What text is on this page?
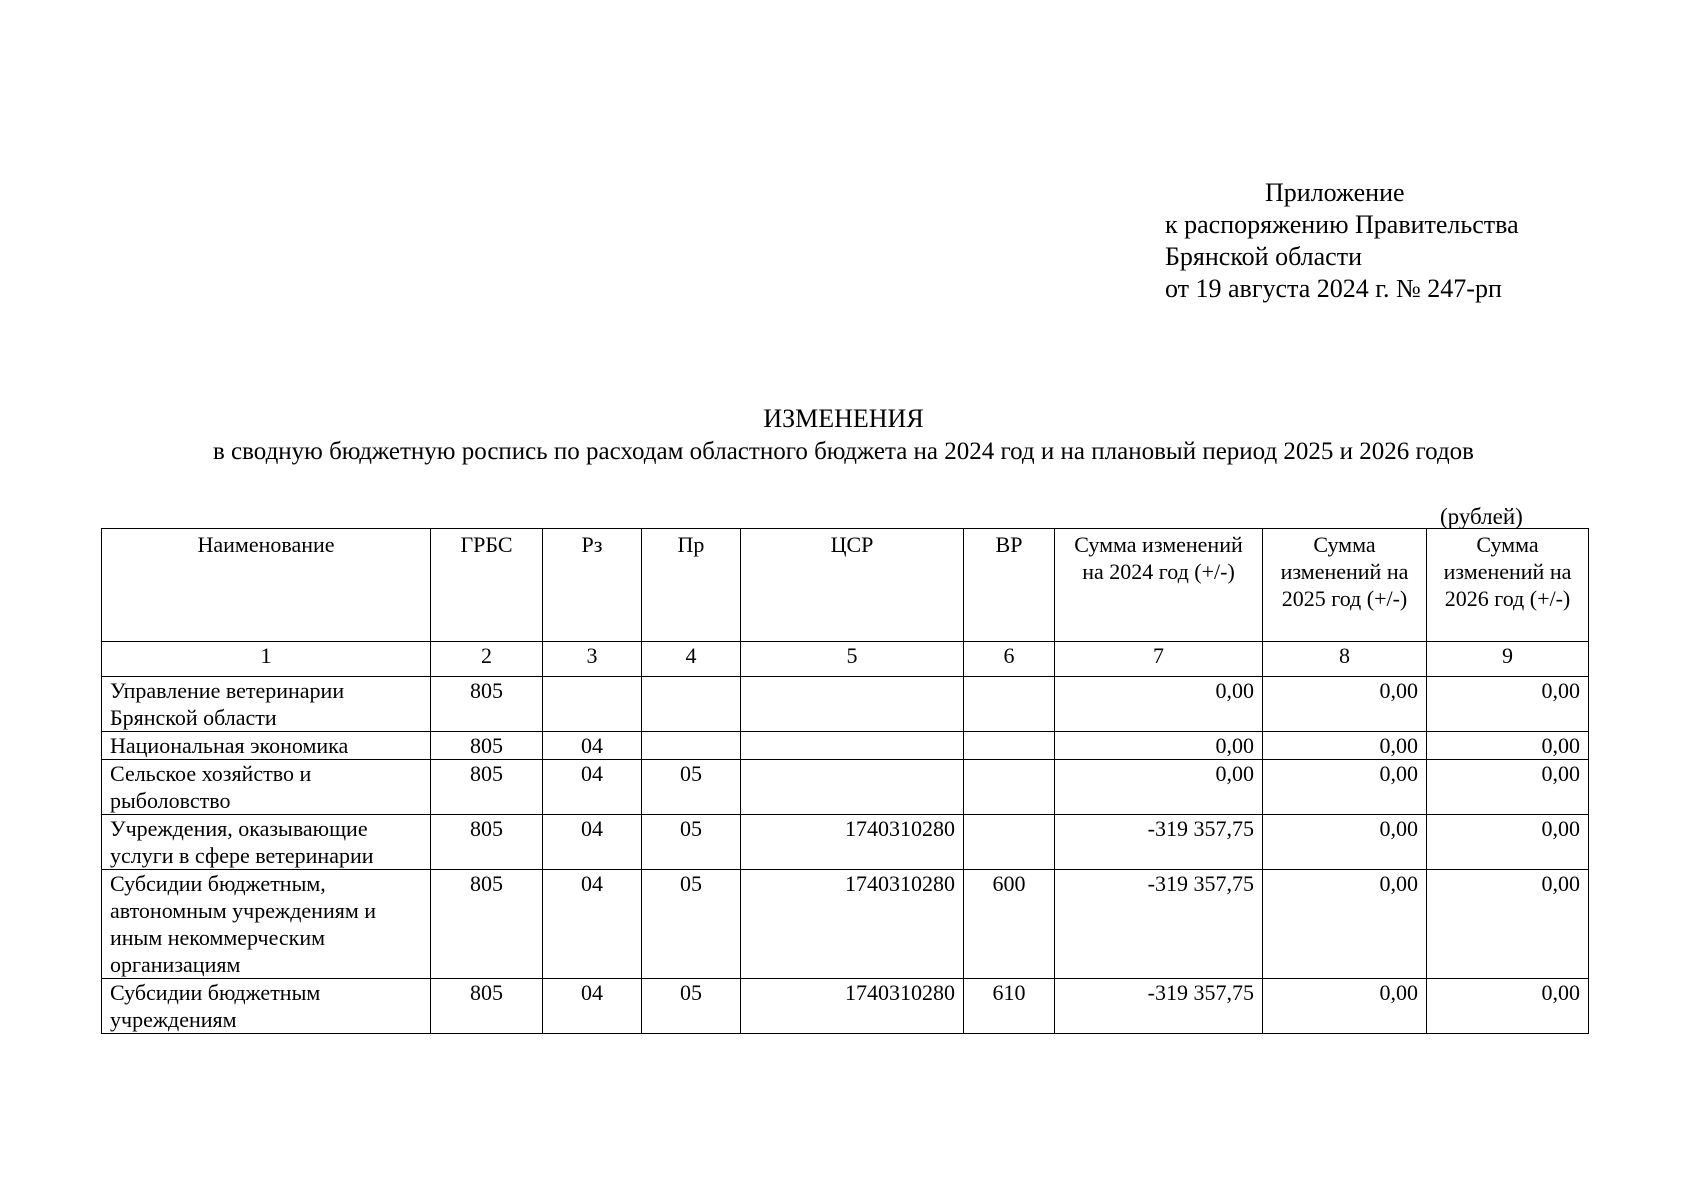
Приложение
к распоряжению Правительства
Брянской области
от 19 августа 2024 г. № 247-рп
ИЗМЕНЕНИЯ
в сводную бюджетную роспись по расходам областного бюджета на 2024 год и на плановый период 2025 и 2026 годов
(рублей)
Наименование	ГРБС	Рз	Пр	ЦСР	ВР	Сумма изменений на 2024 год (+/-)	Сумма изменений на 2025 год (+/-)	Сумма изменений на 2026 год (+/-)
1	2	3	4	5	6	7	8	9
Управление ветеринарии Брянской области	805					0,00	0,00	0,00
Национальная экономика	805	04				0,00	0,00	0,00
Сельское хозяйство и рыболовство	805	04	05			0,00	0,00	0,00
Учреждения, оказывающие услуги в сфере ветеринарии	805	04	05	1740310280		-319 357,75	0,00	0,00
Субсидии бюджетным, автономным учреждениям и иным некоммерческим организациям	805	04	05	1740310280	600	-319 357,75	0,00	0,00
Субсидии бюджетным учреждениям	805	04	05	1740310280	610	-319 357,75	0,00	0,00
